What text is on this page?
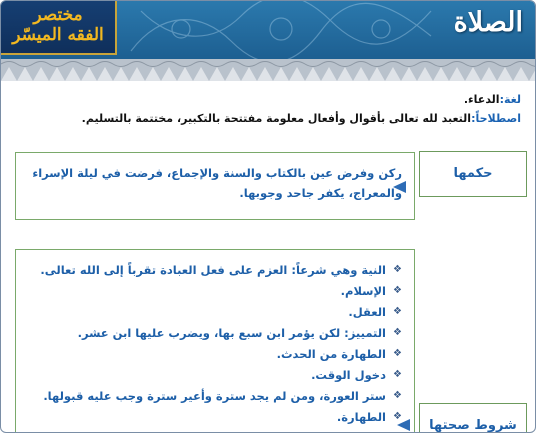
مختصر
الفقه الميسّر	الصلاة
لغة:الدعاء.
اصطلاحاً:التعبد لله تعالى بأقوال وأفعال معلومة مفتتحة بالتكبير، مختتمة بالتسليم.
ركن وفرض عين بالكتاب والسنة والإجماع، فرضت في ليلة الإسراء والمعراج، يكفر جاحد وجوبها.
حكمها
❖
النية وهي شرعاً: العزم على فعل العبادة تقرباً إلى الله تعالى.
❖
الإسلام.
❖
العقل.
❖
التمييز: لكن يؤمر ابن سبع بها، ويضرب عليها ابن عشر.
❖
الطهارة من الحدث.
❖
دخول الوقت.
❖
ستر العورة، ومن لم يجد سترة وأعير سترة وجب عليه قبولها.
❖
الطهارة.
شروط صحتها
